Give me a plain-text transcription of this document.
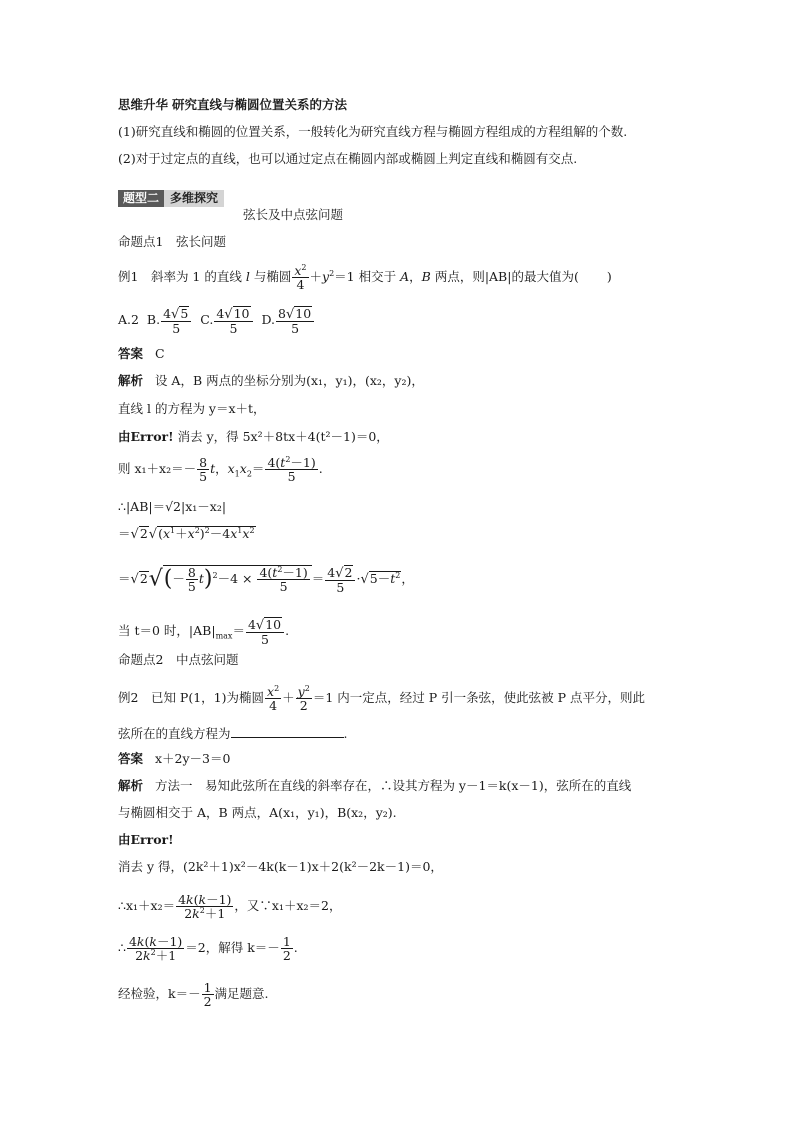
思维升华 研究直线与椭圆位置关系的方法
(1)研究直线和椭圆的位置关系，一般转化为研究直线方程与椭圆方程组成的方程组解的个数.
(2)对于过定点的直线，也可以通过定点在椭圆内部或椭圆上判定直线和椭圆有交点.
题型二 多维探究
弦长及中点弦问题
命题点1　弦长问题
例1　斜率为 1 的直线 l 与椭圆 $\frac{x^2}{4} +y^2=1$ 相交于 A，B 两点，则|AB|的最大值为( )
A.2 B. $\frac{4√5}{5} C$. $\frac{4√10}{5} D$. $\frac{8√10}{5}$
答案 C
解析 设 A，B 两点的坐标分别为(x₁，y₁)，(x₂，y₂)，
直线 l 的方程为 y＝x＋t，
由Error! 消去 y，得 5x²＋8tx＋4(t²－1)＝0，
则 $x_1+x_2=- \frac{8}{5}$ t，$x_1x_2= \frac{4(t^2-1)}{5}$ .
∴|AB|＝√2|x₁－x₂|
$=√2√(x^1+x^2)^2-4x^1x^2$
$=√2√(- \frac{8}{5} t)^2-4 \times \frac{4(t^2-1)}{5} = \frac{4√2}{5} \cdot√5-t^2$，
当 t＝0 时，$|AB|_{max}= \frac{4√10}{5}$ .
命题点2　中点弦问题
例2　已知 P(1，1)为椭圆 $\frac{x^2}{4} + \frac{y^2}{2} =1$ 内一定点，经过 P 引一条弦，使此弦被 P 点平分，则此
弦所在的直线方程为	.
答案 x＋2y－3＝0
解析 方法一　易知此弦所在直线的斜率存在，∴设其方程为 y－1＝k(x－1)，弦所在的直线
与椭圆相交于 A，B 两点，A(x₁，y₁)，B(x₂，y₂).
由Error!
消去 y 得，(2k²＋1)x²－4k(k－1)x＋2(k²－2k－1)＝0，
∴x₁＋x₂＝ $\frac{4k(k-1)}{2k^2+1}$ ，又∵x₁＋x₂＝2，
∴ $\frac{4k(k-1)}{2k^2+1} =2$，解得 $k=- \frac{1}{2}$ .
经检验，$k=- \frac{1}{2}$ 满足题意.
